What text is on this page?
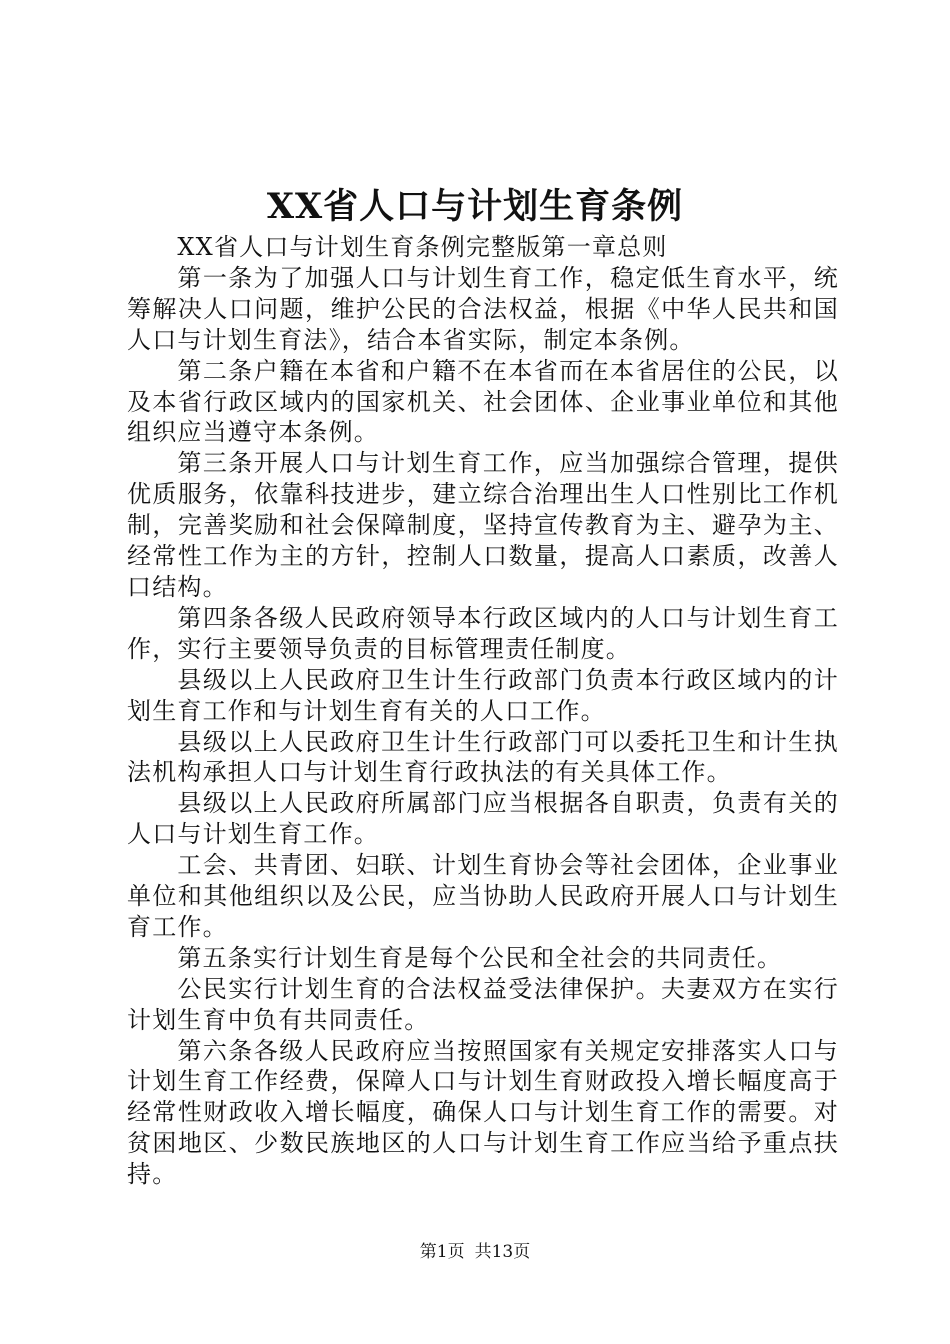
XX省人口与计划生育条例

XX省人口与计划生育条例完整版第一章总则

第一条为了加强人口与计划生育工作，稳定低生育水平，统筹解决人口问题，维护公民的合法权益，根据《中华人民共和国人口与计划生育法》，结合本省实际，制定本条例。

第二条户籍在本省和户籍不在本省而在本省居住的公民，以及本省行政区域内的国家机关、社会团体、企业事业单位和其他组织应当遵守本条例。

第三条开展人口与计划生育工作，应当加强综合管理，提供优质服务，依靠科技进步，建立综合治理出生人口性别比工作机制，完善奖励和社会保障制度，坚持宣传教育为主、避孕为主、经常性工作为主的方针，控制人口数量，提高人口素质，改善人口结构。

第四条各级人民政府领导本行政区域内的人口与计划生育工作，实行主要领导负责的目标管理责任制度。

县级以上人民政府卫生计生行政部门负责本行政区域内的计划生育工作和与计划生育有关的人口工作。

县级以上人民政府卫生计生行政部门可以委托卫生和计生执法机构承担人口与计划生育行政执法的有关具体工作。

县级以上人民政府所属部门应当根据各自职责，负责有关的人口与计划生育工作。

工会、共青团、妇联、计划生育协会等社会团体，企业事业单位和其他组织以及公民，应当协助人民政府开展人口与计划生育工作。

第五条实行计划生育是每个公民和全社会的共同责任。

公民实行计划生育的合法权益受法律保护。夫妻双方在实行计划生育中负有共同责任。

第六条各级人民政府应当按照国家有关规定安排落实人口与计划生育工作经费，保障人口与计划生育财政投入增长幅度高于经常性财政收入增长幅度，确保人口与计划生育工作的需要。对贫困地区、少数民族地区的人口与计划生育工作应当给予重点扶持。

第1页 共13页
